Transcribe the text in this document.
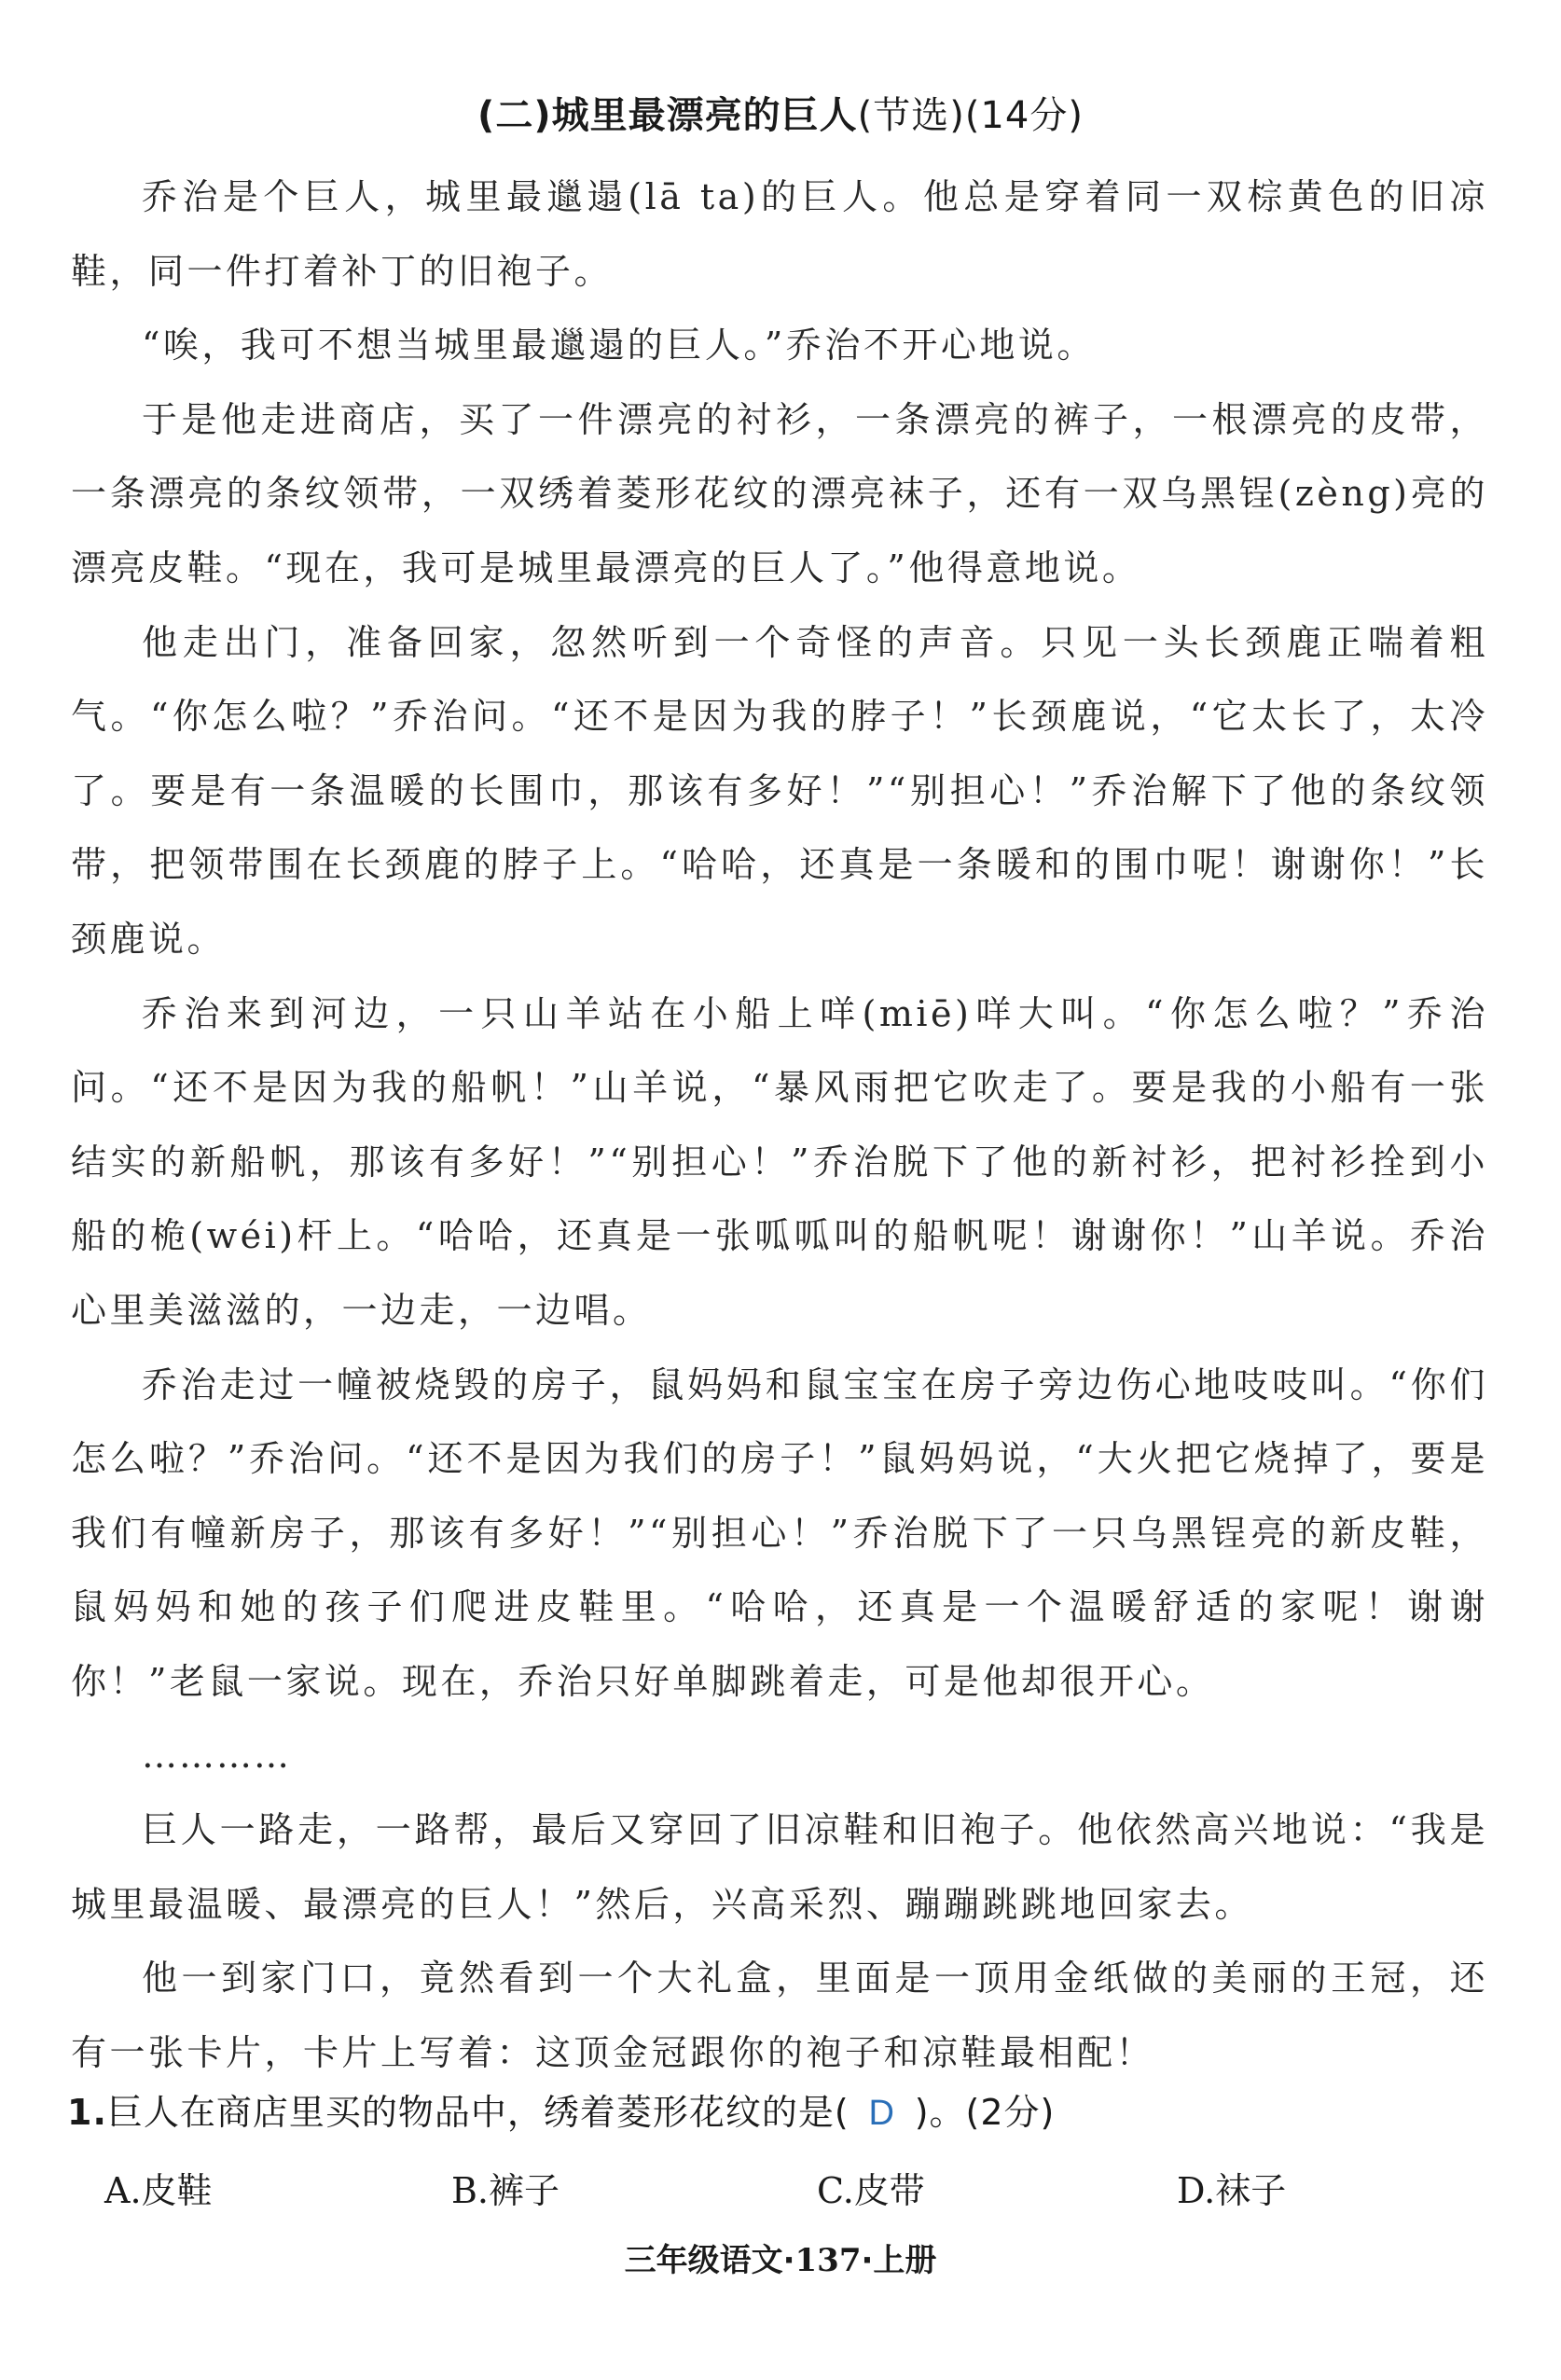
(二)城里最漂亮的巨人(节选)(14分)

乔治是个巨人，城里最邋遢(lā ta)的巨人。他总是穿着同一双棕黄色的旧凉鞋，同一件打着补丁的旧袍子。

“唉，我可不想当城里最邋遢的巨人。”乔治不开心地说。

于是他走进商店，买了一件漂亮的衬衫，一条漂亮的裤子，一根漂亮的皮带，一条漂亮的条纹领带，一双绣着菱形花纹的漂亮袜子，还有一双乌黑锃(zèng)亮的漂亮皮鞋。“现在，我可是城里最漂亮的巨人了。”他得意地说。

他走出门，准备回家，忽然听到一个奇怪的声音。只见一头长颈鹿正喘着粗气。“你怎么啦？”乔治问。“还不是因为我的脖子！”长颈鹿说，“它太长了，太冷了。要是有一条温暖的长围巾，那该有多好！”“别担心！”乔治解下了他的条纹领带，把领带围在长颈鹿的脖子上。“哈哈，还真是一条暖和的围巾呢！谢谢你！”长颈鹿说。

乔治来到河边，一只山羊站在小船上咩(miē)咩大叫。“你怎么啦？”乔治问。“还不是因为我的船帆！”山羊说，“暴风雨把它吹走了。要是我的小船有一张结实的新船帆，那该有多好！”“别担心！”乔治脱下了他的新衬衫，把衬衫拴到小船的桅(wéi)杆上。“哈哈，还真是一张呱呱叫的船帆呢！谢谢你！”山羊说。乔治心里美滋滋的，一边走，一边唱。

乔治走过一幢被烧毁的房子，鼠妈妈和鼠宝宝在房子旁边伤心地吱吱叫。“你们怎么啦？”乔治问。“还不是因为我们的房子！”鼠妈妈说，“大火把它烧掉了，要是我们有幢新房子，那该有多好！”“别担心！”乔治脱下了一只乌黑锃亮的新皮鞋，鼠妈妈和她的孩子们爬进皮鞋里。“哈哈，还真是一个温暖舒适的家呢！谢谢你！”老鼠一家说。现在，乔治只好单脚跳着走，可是他却很开心。

…………

巨人一路走，一路帮，最后又穿回了旧凉鞋和旧袍子。他依然高兴地说：“我是城里最温暖、最漂亮的巨人！”然后，兴高采烈、蹦蹦跳跳地回家去。

他一到家门口，竟然看到一个大礼盒，里面是一顶用金纸做的美丽的王冠，还有一张卡片，卡片上写着：这顶金冠跟你的袍子和凉鞋最相配！

1.巨人在商店里买的物品中，绣着菱形花纹的是( D )。(2分)
A.皮鞋	B.裤子	C.皮带	D.袜子
三年级语文·137·上册
